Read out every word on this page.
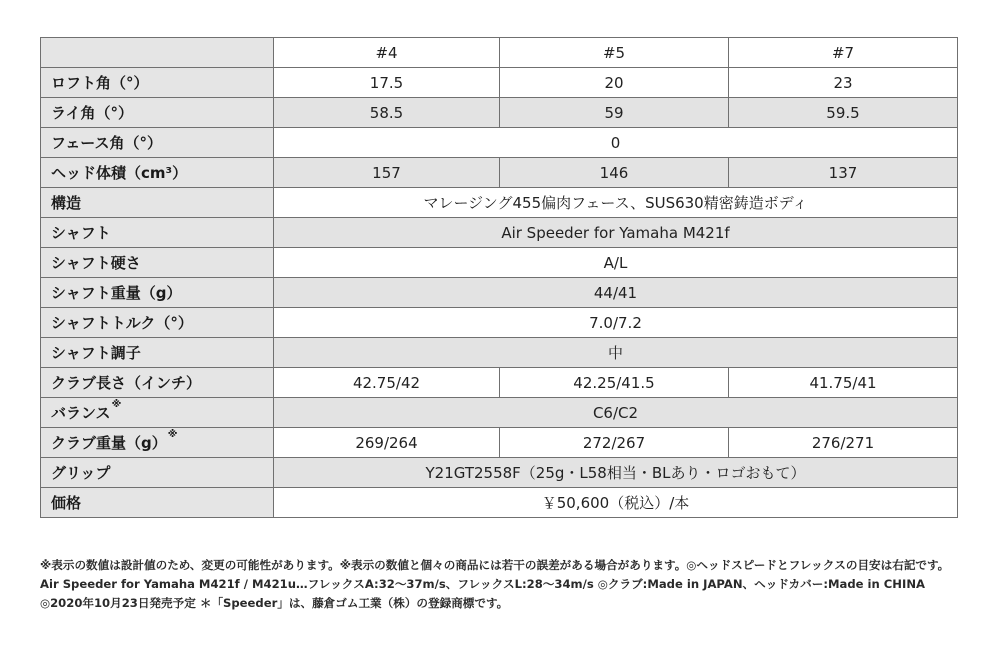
	#4	#5	#7
ロフト角（°）	17.5	20	23
ライ角（°）	58.5	59	59.5
フェース角（°）	0		
ヘッド体積（cm³）	157	146	137
構造	マレージング455偏肉フェース、SUS630精密鋳造ボディ		
シャフト	Air Speeder for Yamaha M421f		
シャフト硬さ	A/L		
シャフト重量（g）	44/41		
シャフトトルク（°）	7.0/7.2		
シャフト調子	中		
クラブ長さ（インチ）	42.75/42	42.25/41.5	41.75/41
バランス※	C6/C2		
クラブ重量（g）※	269/264	272/267	276/271
グリップ	Y21GT2558F（25g・L58相当・BLあり・ロゴおもて）		
価格	￥50,600（税込）/本		

※表示の数値は設計値のため、変更の可能性があります。※表示の数値と個々の商品には若干の誤差がある場合があります。◎ヘッドスピードとフレックスの目安は右記です。Air Speeder for Yamaha M421f / M421u…フレックスA:32～37m/s、フレックスL:28～34m/s ◎クラブ:Made in JAPAN、ヘッドカバー:Made in CHINA ◎2020年10月23日発売予定 ＊「Speeder」は、藤倉ゴム工業（株）の登録商標です。
